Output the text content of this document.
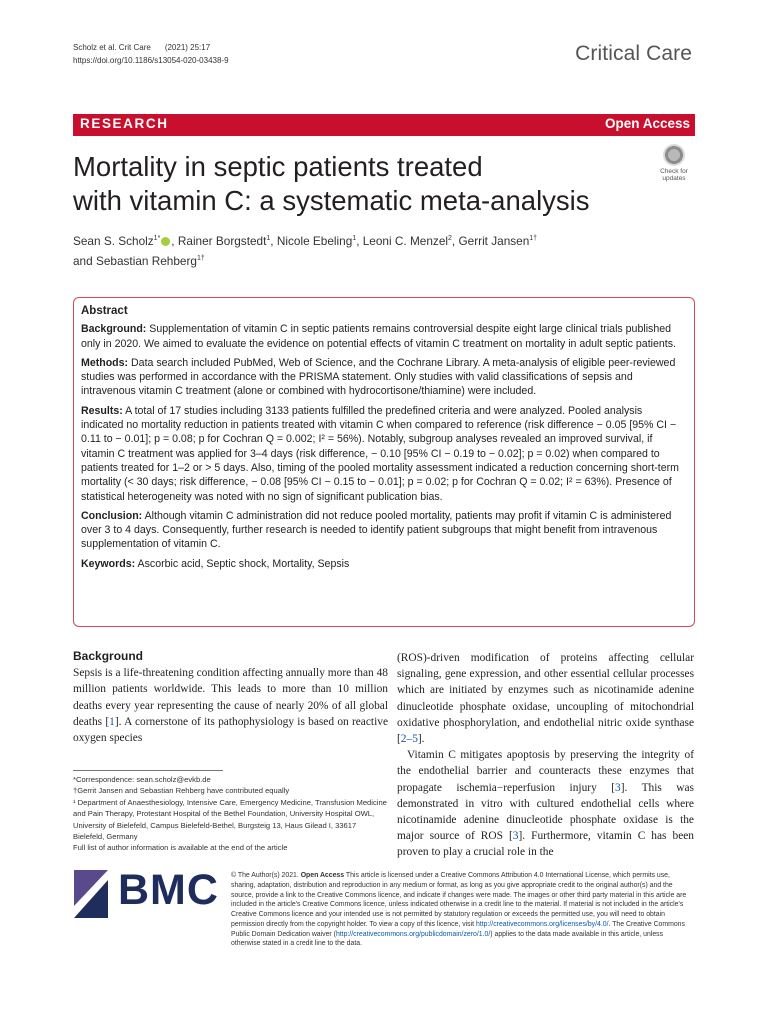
Scholz et al. Crit Care (2021) 25:17
https://doi.org/10.1186/s13054-020-03438-9	Critical Care
RESEARCH	Open Access
Mortality in septic patients treated
with vitamin C: a systematic meta-analysis
Check for
updates
Sean S. Scholz$^{1*}$ , Rainer Borgstedt$^1$, Nicole Ebeling$^1$, Leoni C. Menzel$^2$, Gerrit Jansen$^{1\dagger}$
and Sebastian Rehberg$^{1\dagger}$

Abstract

Background: Supplementation of vitamin C in septic patients remains controversial despite eight large clinical trials published only in 2020. We aimed to evaluate the evidence on potential effects of vitamin C treatment on mortality in adult septic patients.

Methods: Data search included PubMed, Web of Science, and the Cochrane Library. A meta-analysis of eligible peer-reviewed studies was performed in accordance with the PRISMA statement. Only studies with valid classifications of sepsis and intravenous vitamin C treatment (alone or combined with hydrocortisone/thiamine) were included.

Results: A total of 17 studies including 3133 patients fulfilled the predefined criteria and were analyzed. Pooled analysis indicated no mortality reduction in patients treated with vitamin C when compared to reference (risk difference − 0.05 [95% CI − 0.11 to − 0.01]; p = 0.08; p for Cochran Q = 0.002; I² = 56%). Notably, subgroup analyses revealed an improved survival, if vitamin C treatment was applied for 3–4 days (risk difference, − 0.10 [95% CI − 0.19 to − 0.02]; p = 0.02) when compared to patients treated for 1–2 or > 5 days. Also, timing of the pooled mortality assessment indicated a reduction concerning short-term mortality (< 30 days; risk difference, − 0.08 [95% CI − 0.15 to − 0.01]; p = 0.02; p for Cochran Q = 0.02; I² = 63%). Presence of statistical heterogeneity was noted with no sign of significant publication bias.

Conclusion: Although vitamin C administration did not reduce pooled mortality, patients may profit if vitamin C is administered over 3 to 4 days. Consequently, further research is needed to identify patient subgroups that might benefit from intravenous supplementation of vitamin C.

Keywords: Ascorbic acid, Septic shock, Mortality, Sepsis

Background

Sepsis is a life-threatening condition affecting annually more than 48 million patients worldwide. This leads to more than 10 million deaths every year representing the cause of nearly 20% of all global deaths [1]. A cornerstone of its pathophysiology is based on reactive oxygen species

(ROS)-driven modification of proteins affecting cellular signaling, gene expression, and other essential cellular processes which are initiated by enzymes such as nicotinamide adenine dinucleotide phosphate oxidase, uncoupling of mitochondrial oxidative phosphorylation, and endothelial nitric oxide synthase [2–5].

Vitamin C mitigates apoptosis by preserving the integrity of the endothelial barrier and counteracts these enzymes that propagate ischemia−reperfusion injury [3]. This was demonstrated in vitro with cultured endothelial cells where nicotinamide adenine dinucleotide phosphate oxidase is the major source of ROS [3]. Furthermore, vitamin C has been proven to play a crucial role in the

*Correspondence: sean.scholz@evkb.de
†Gerrit Jansen and Sebastian Rehberg have contributed equally
¹ Department of Anaesthesiology, Intensive Care, Emergency Medicine, Transfusion Medicine and Pain Therapy, Protestant Hospital of the Bethel Foundation, University Hospital OWL, University of Bielefeld, Campus Bielefeld-Bethel, Burgsteig 13, Haus Gilead I, 33617 Bielefeld, Germany
Full list of author information is available at the end of the article
BMC © The Author(s) 2021. Open Access This article is licensed under a Creative Commons Attribution 4.0 International License, which permits use, sharing, adaptation, distribution and reproduction in any medium or format, as long as you give appropriate credit to the original author(s) and the source, provide a link to the Creative Commons licence, and indicate if changes were made. The images or other third party material in this article are included in the article's Creative Commons licence, unless indicated otherwise in a credit line to the material. If material is not included in the article's Creative Commons licence and your intended use is not permitted by statutory regulation or exceeds the permitted use, you will need to obtain permission directly from the copyright holder. To view a copy of this licence, visit http://creativecommons.org/licenses/by/4.0/. The Creative Commons Public Domain Dedication waiver (http://creativecommons.org/publicdomain/zero/1.0/) applies to the data made available in this article, unless otherwise stated in a credit line to the data.
